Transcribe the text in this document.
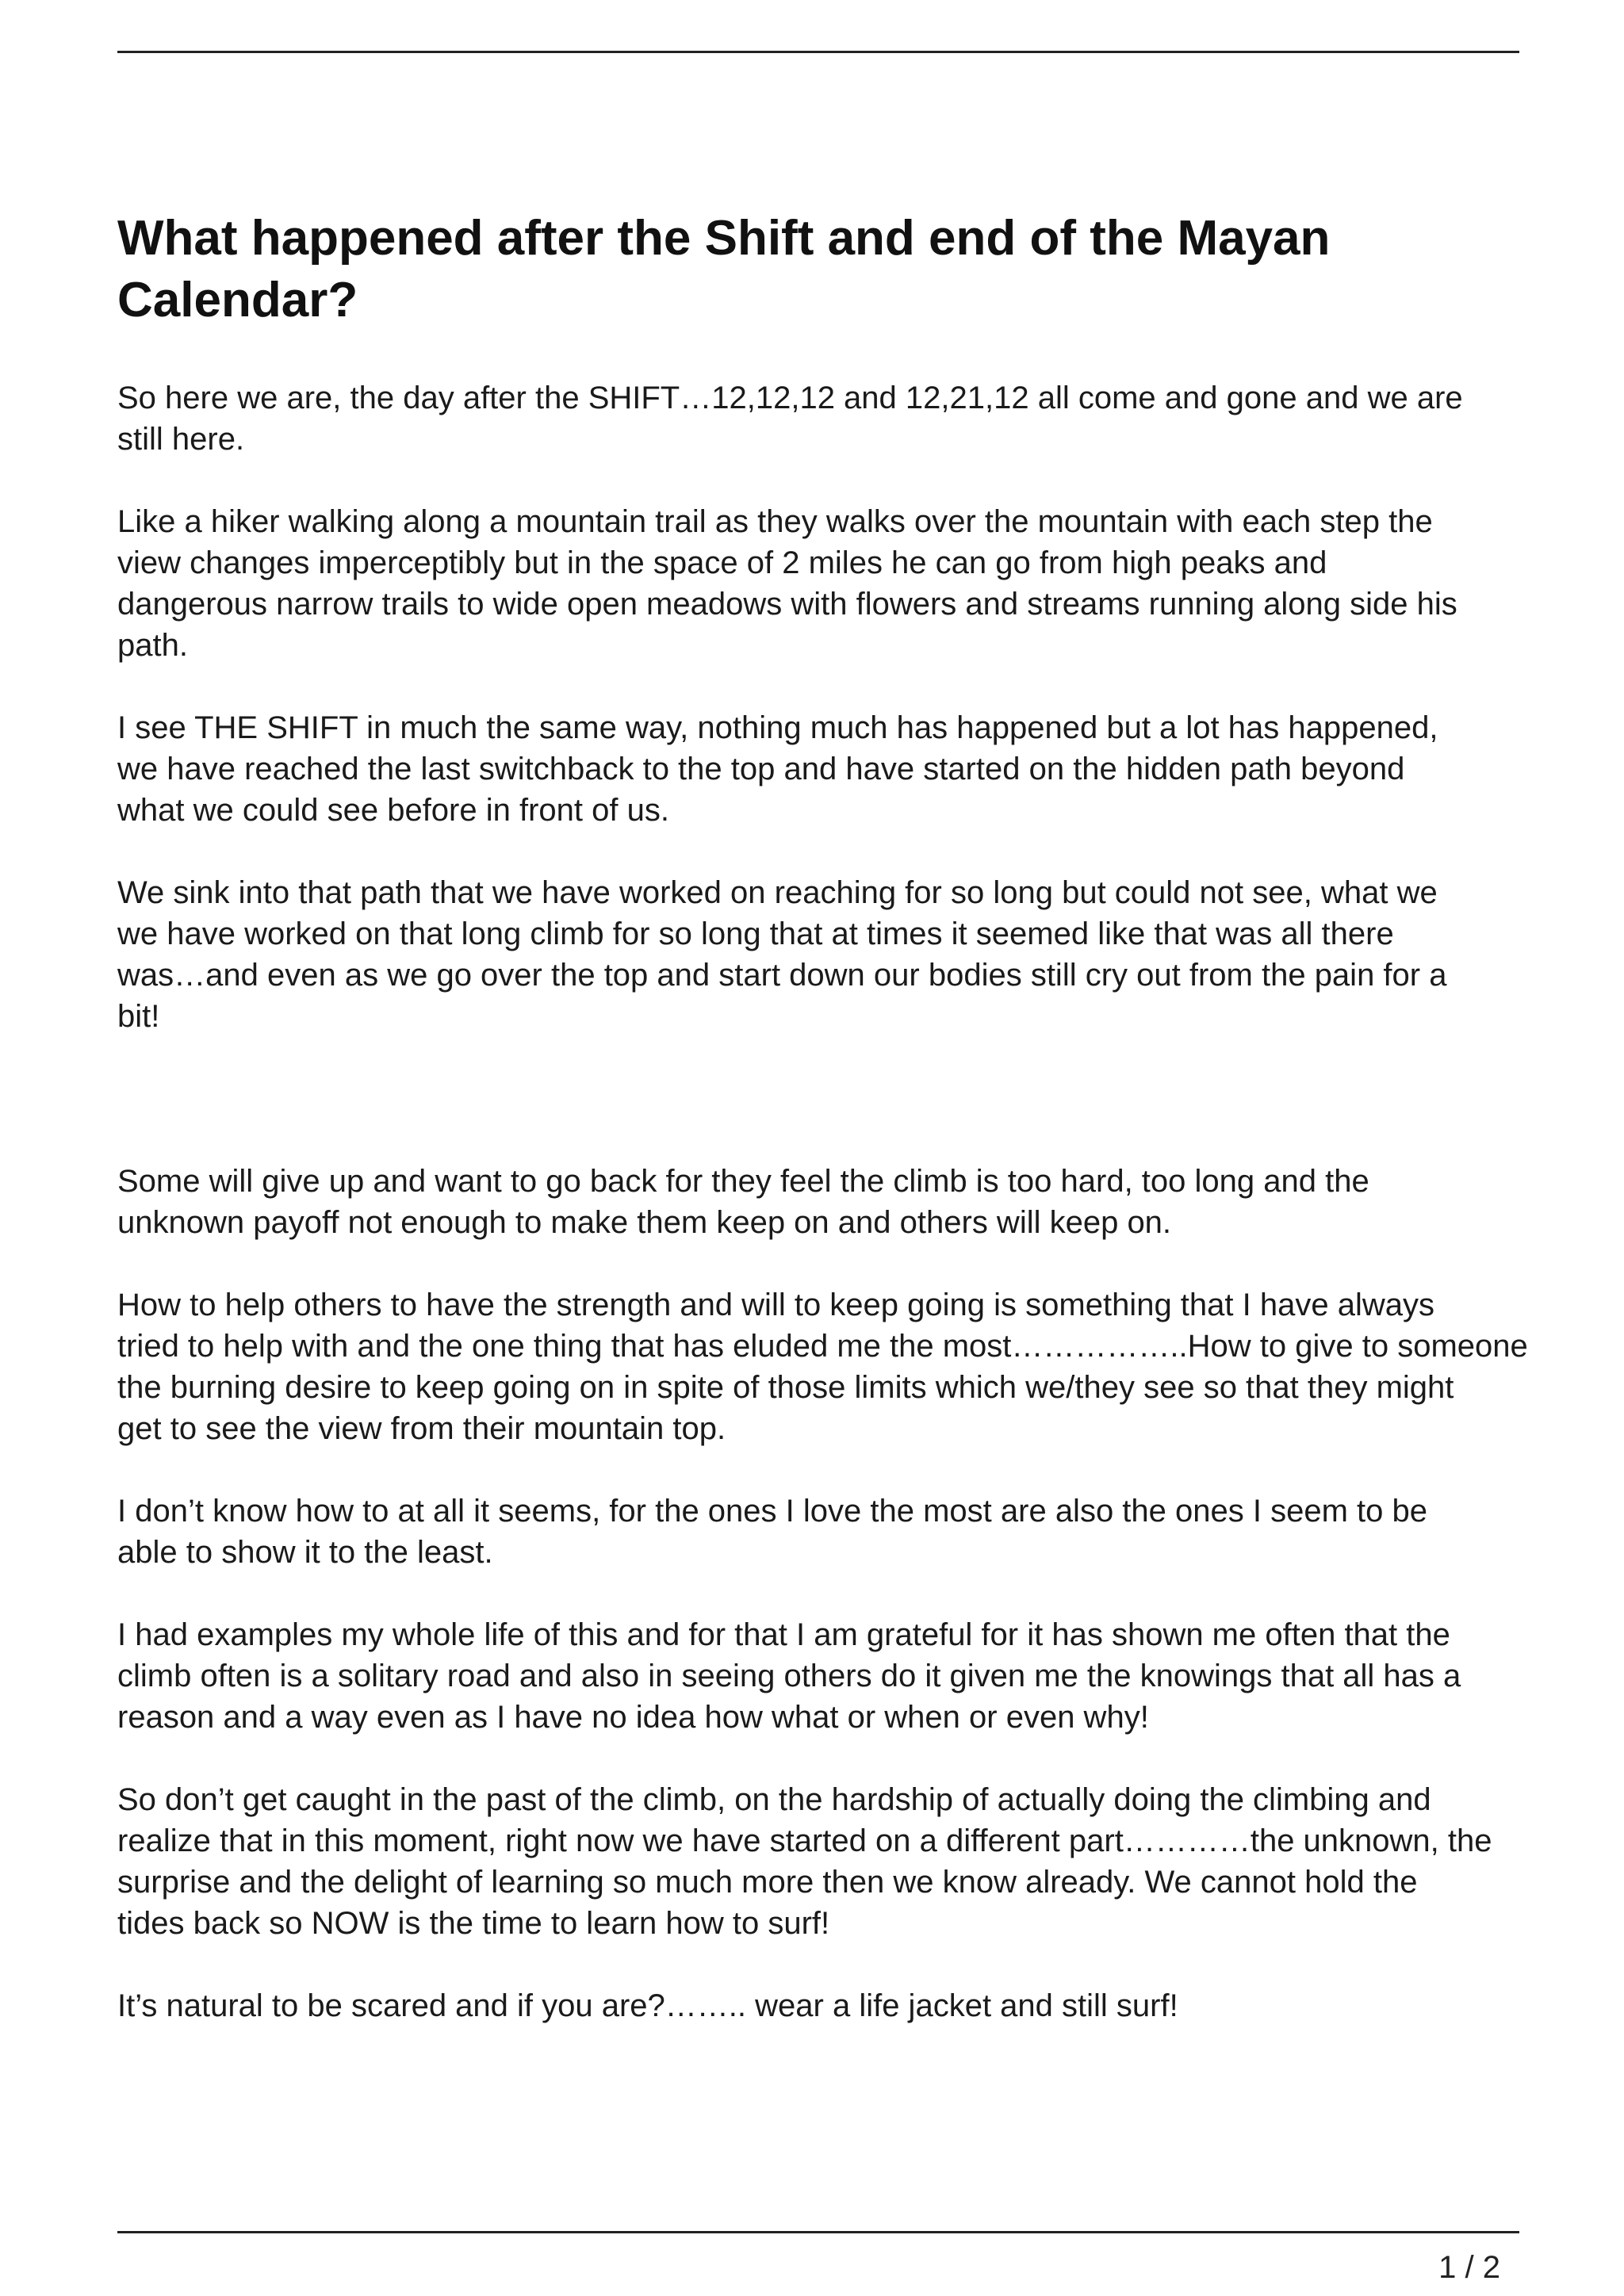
What happened after the Shift and end of the Mayan Calendar?

So here we are, the day after the SHIFT…12,12,12 and 12,21,12 all come and gone and we are
still here.

Like a hiker walking along a mountain trail as they walks over the mountain with each step the
view changes imperceptibly but in the space of 2 miles he can go from high peaks and
dangerous narrow trails to wide open meadows with flowers and streams running along side his
path.

I see THE SHIFT in much the same way, nothing much has happened but a lot has happened,
we have reached the last switchback to the top and have started on the hidden path beyond
what we could see before in front of us.

We sink into that path that we have worked on reaching for so long but could not see, what we
we have worked on that long climb for so long that at times it seemed like that was all there
was…and even as we go over the top and start down our bodies still cry out from the pain for a
bit!

Some will give up and want to go back for they feel the climb is too hard, too long and the
unknown payoff not enough to make them keep on and others will keep on.

How to help others to have the strength and will to keep going is something that I have always
tried to help with and the one thing that has eluded me the most……………..How to give to someone
the burning desire to keep going on in spite of those limits which we/they see so that they might
get to see the view from their mountain top.

I don’t know how to at all it seems, for the ones I love the most are also the ones I seem to be
able to show it to the least.

I had examples my whole life of this and for that I am grateful for it has shown me often that the
climb often is a solitary road and also in seeing others do it given me the knowings that all has a
reason and a way even as I have no idea how what or when or even why!

So don’t get caught in the past of the climb, on the hardship of actually doing the climbing and
realize that in this moment, right now we have started on a different part…………the unknown, the
surprise and the delight of learning so much more then we know already. We cannot hold the
tides back so NOW is the time to learn how to surf!

It’s natural to be scared and if you are?…….. wear a life jacket and still surf!

1 / 2
